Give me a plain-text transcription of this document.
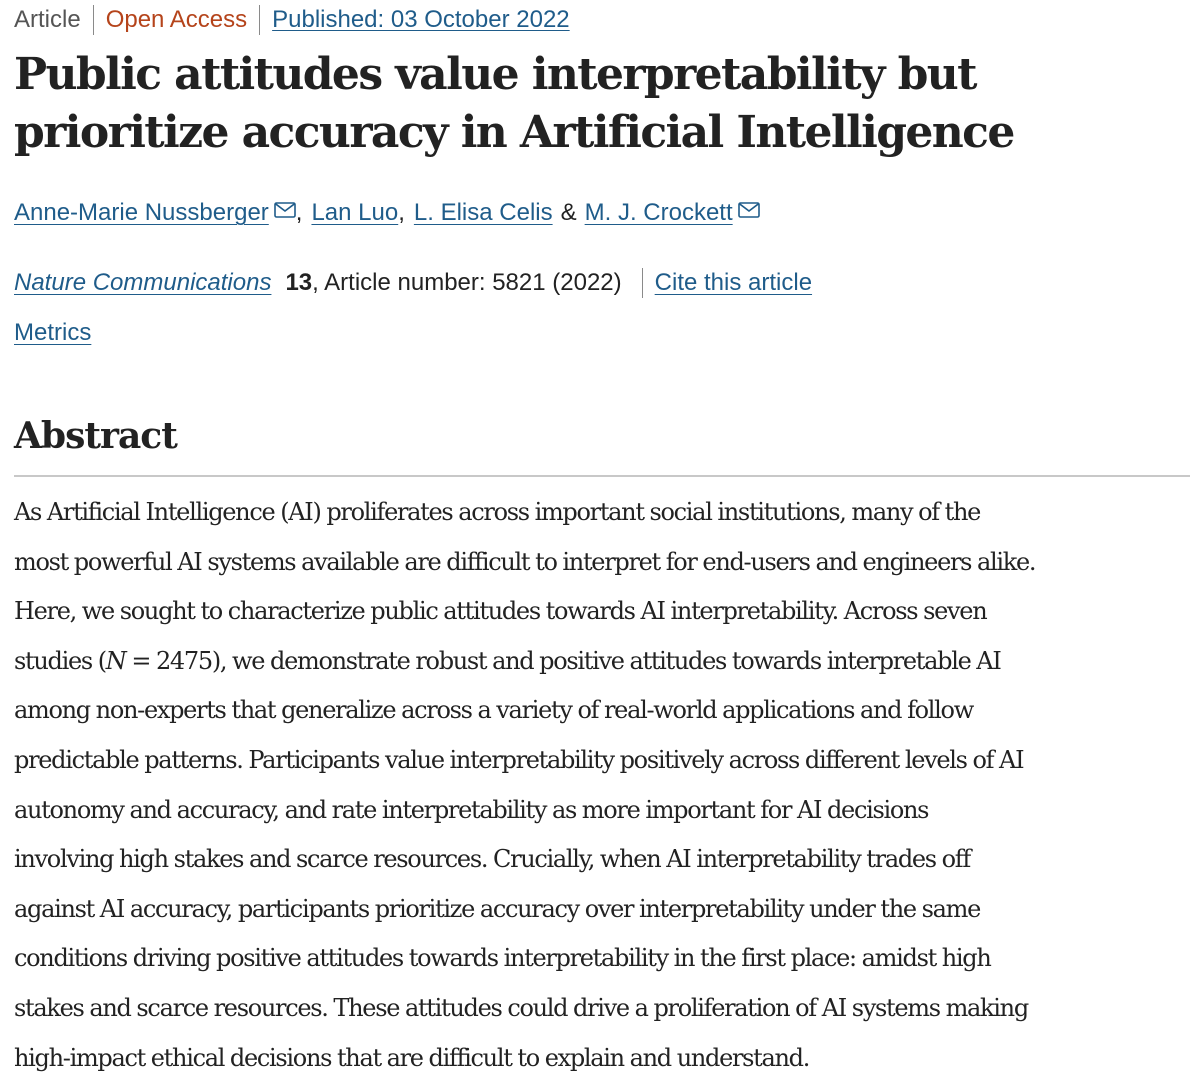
Article Open Access Published: 03 October 2022
Public attitudes value interpretability but prioritize accuracy in Artificial Intelligence
Anne-Marie Nussberger , Lan Luo , L. Elisa Celis & M. J. Crockett
Nature Communications 13 , Article number: 5821 (2022) Cite this article
Metrics
Abstract

As Artificial Intelligence (AI) proliferates across important social institutions, many of the
most powerful AI systems available are difficult to interpret for end-users and engineers alike.
Here, we sought to characterize public attitudes towards AI interpretability. Across seven
studies (N = 2475), we demonstrate robust and positive attitudes towards interpretable AI
among non-experts that generalize across a variety of real-world applications and follow
predictable patterns. Participants value interpretability positively across different levels of AI
autonomy and accuracy, and rate interpretability as more important for AI decisions
involving high stakes and scarce resources. Crucially, when AI interpretability trades off
against AI accuracy, participants prioritize accuracy over interpretability under the same
conditions driving positive attitudes towards interpretability in the first place: amidst high
stakes and scarce resources. These attitudes could drive a proliferation of AI systems making
high-impact ethical decisions that are difficult to explain and understand.
